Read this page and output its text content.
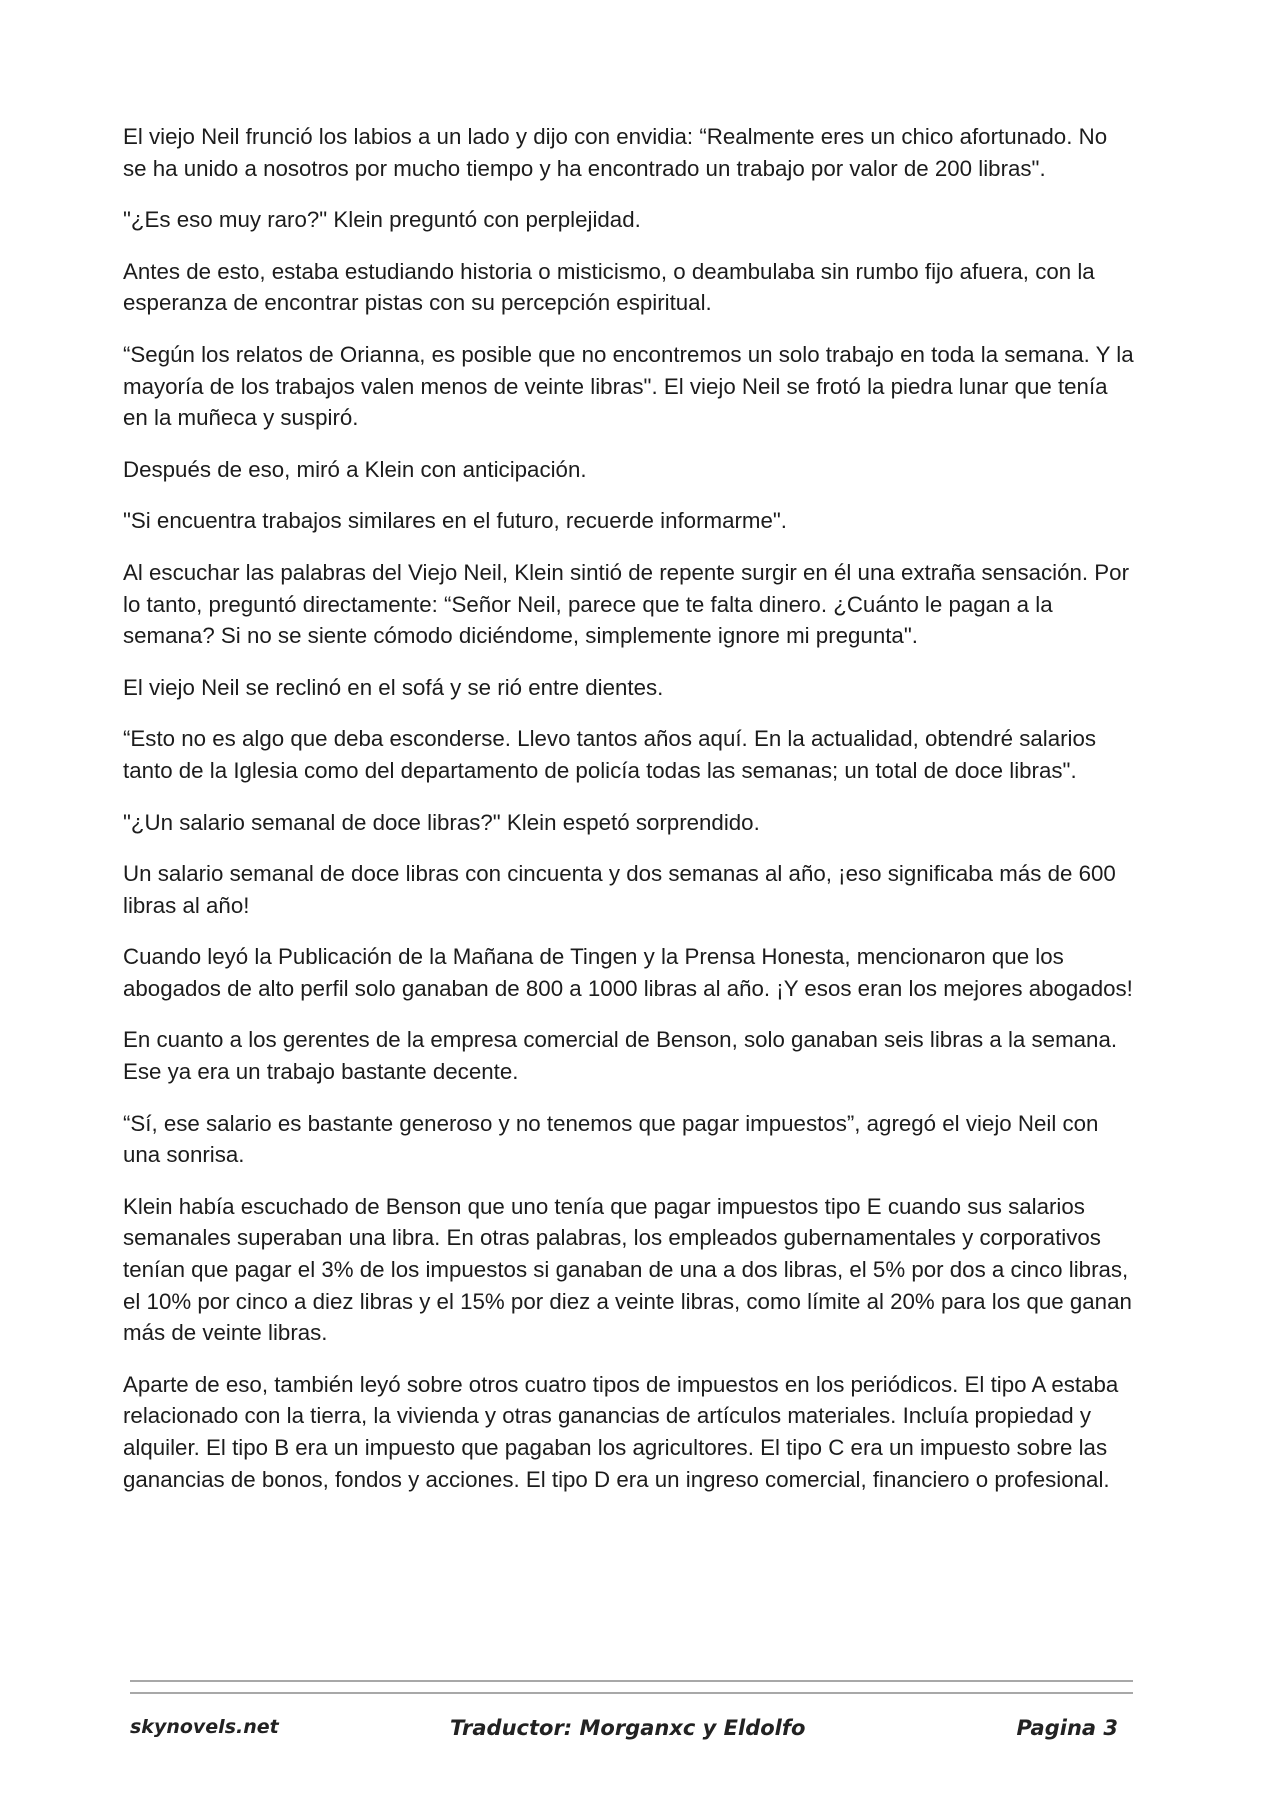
El viejo Neil frunció los labios a un lado y dijo con envidia: “Realmente eres un chico afortunado. No se ha unido a nosotros por mucho tiempo y ha encontrado un trabajo por valor de 200 libras".

"¿Es eso muy raro?" Klein preguntó con perplejidad.

Antes de esto, estaba estudiando historia o misticismo, o deambulaba sin rumbo fijo afuera, con la esperanza de encontrar pistas con su percepción espiritual.

“Según los relatos de Orianna, es posible que no encontremos un solo trabajo en toda la semana. Y la mayoría de los trabajos valen menos de veinte libras". El viejo Neil se frotó la piedra lunar que tenía en la muñeca y suspiró.

Después de eso, miró a Klein con anticipación.

"Si encuentra trabajos similares en el futuro, recuerde informarme".

Al escuchar las palabras del Viejo Neil, Klein sintió de repente surgir en él una extraña sensación. Por lo tanto, preguntó directamente: “Señor Neil, parece que te falta dinero. ¿Cuánto le pagan a la semana? Si no se siente cómodo diciéndome, simplemente ignore mi pregunta".

El viejo Neil se reclinó en el sofá y se rió entre dientes.

“Esto no es algo que deba esconderse. Llevo tantos años aquí. En la actualidad, obtendré salarios tanto de la Iglesia como del departamento de policía todas las semanas; un total de doce libras".

"¿Un salario semanal de doce libras?" Klein espetó sorprendido.

Un salario semanal de doce libras con cincuenta y dos semanas al año, ¡eso significaba más de 600 libras al año!

Cuando leyó la Publicación de la Mañana de Tingen y la Prensa Honesta, mencionaron que los abogados de alto perfil solo ganaban de 800 a 1000 libras al año. ¡Y esos eran los mejores abogados!

En cuanto a los gerentes de la empresa comercial de Benson, solo ganaban seis libras a la semana. Ese ya era un trabajo bastante decente.

“Sí, ese salario es bastante generoso y no tenemos que pagar impuestos”, agregó el viejo Neil con una sonrisa.

Klein había escuchado de Benson que uno tenía que pagar impuestos tipo E cuando sus salarios semanales superaban una libra. En otras palabras, los empleados gubernamentales y corporativos tenían que pagar el 3% de los impuestos si ganaban de una a dos libras, el 5% por dos a cinco libras, el 10% por cinco a diez libras y el 15% por diez a veinte libras, como límite al 20% para los que ganan más de veinte libras.

Aparte de eso, también leyó sobre otros cuatro tipos de impuestos en los periódicos. El tipo A estaba relacionado con la tierra, la vivienda y otras ganancias de artículos materiales. Incluía propiedad y alquiler. El tipo B era un impuesto que pagaban los agricultores. El tipo C era un impuesto sobre las ganancias de bonos, fondos y acciones. El tipo D era un ingreso comercial, financiero o profesional.

skynovels.net	Traductor: Morganxc y Eldolfo	Pagina 3
